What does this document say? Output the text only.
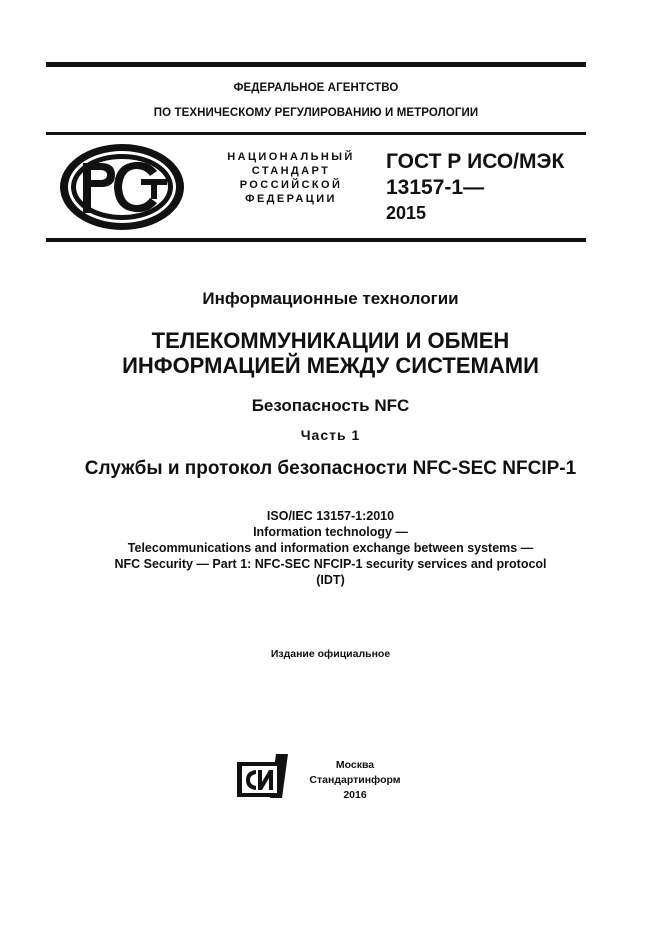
ФЕДЕРАЛЬНОЕ АГЕНТСТВО
ПО ТЕХНИЧЕСКОМУ РЕГУЛИРОВАНИЮ И МЕТРОЛОГИИ
НАЦИОНАЛЬНЫЙ
СТАНДАРТ
РОССИЙСКОЙ
ФЕДЕРАЦИИ
ГОСТ Р ИСО/МЭК
13157-1—
2015
Информационные технологии
ТЕЛЕКОММУНИКАЦИИ И ОБМЕН
ИНФОРМАЦИЕЙ МЕЖДУ СИСТЕМАМИ
Безопасность NFC
Часть 1
Службы и протокол безопасности NFC-SEC NFCIP-1
ISO/IEC 13157-1:2010
Information technology —
Telecommunications and information exchange between systems —
NFC Security — Part 1: NFC-SEC NFCIP-1 security services and protocol
(IDT)
Издание официальное
Москва
Стандартинформ
2016
